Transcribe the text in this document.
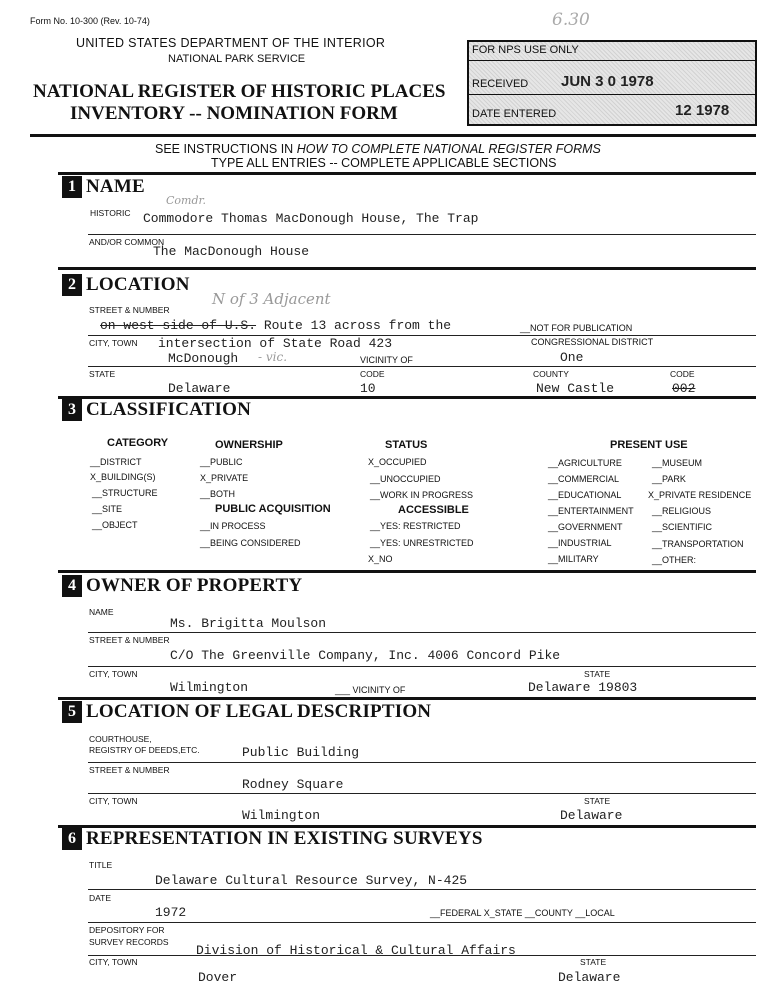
Form No. 10-300 (Rev. 10-74)	6.30
UNITED STATES DEPARTMENT OF THE INTERIOR
NATIONAL PARK SERVICE
NATIONAL REGISTER OF HISTORIC PLACES
INVENTORY -- NOMINATION FORM
FOR NPS USE ONLY
RECEIVED JUN 3 0 1978
DATE ENTERED	12 1978
SEE INSTRUCTIONS IN HOW TO COMPLETE NATIONAL REGISTER FORMS
TYPE ALL ENTRIES -- COMPLETE APPLICABLE SECTIONS
1 NAME
HISTORIC
Comdr.
Commodore Thomas MacDonough House, The Trap
AND/OR COMMON
The MacDonough House
2 LOCATION
STREET & NUMBER
N of 3 Adjacent
on west side of U.S. Route 13 across from the	__NOT FOR PUBLICATION
CITY, TOWN intersection of State Road 423	CONGRESSIONAL DISTRICT
McDonough - vic.	VICINITY OF	One
STATE	CODE	COUNTY	CODE
Delaware	10	New Castle	002
3 CLASSIFICATION
CATEGORY	OWNERSHIP	STATUS	PRESENT USE
__DISTRICT
X_BUILDING(S)
__STRUCTURE
__SITE
__OBJECT
__PUBLIC
X_PRIVATE
__BOTH
PUBLIC ACQUISITION
__IN PROCESS
__BEING CONSIDERED
X_OCCUPIED
__UNOCCUPIED
__WORK IN PROGRESS
ACCESSIBLE
__YES: RESTRICTED
__YES: UNRESTRICTED
X_NO
__AGRICULTURE
__COMMERCIAL
__EDUCATIONAL
__ENTERTAINMENT
__GOVERNMENT
__INDUSTRIAL
__MILITARY
__MUSEUM
__PARK
X_PRIVATE RESIDENCE
__RELIGIOUS
__SCIENTIFIC
__TRANSPORTATION
__OTHER:
4 OWNER OF PROPERTY
NAME
Ms. Brigitta Moulson
STREET & NUMBER
C/O The Greenville Company, Inc. 4006 Concord Pike
CITY, TOWN	STATE
Wilmington	___ VICINITY OF	Delaware 19803
5 LOCATION OF LEGAL DESCRIPTION
COURTHOUSE,
REGISTRY OF DEEDS,ETC.	Public Building
STREET & NUMBER
Rodney Square
CITY, TOWN	STATE
Wilmington	Delaware
6 REPRESENTATION IN EXISTING SURVEYS
TITLE
Delaware Cultural Resource Survey, N-425
DATE
1972	__FEDERAL X_STATE __COUNTY __LOCAL
DEPOSITORY FOR
SURVEY RECORDS
Division of Historical & Cultural Affairs
CITY, TOWN	STATE
Dover	Delaware
